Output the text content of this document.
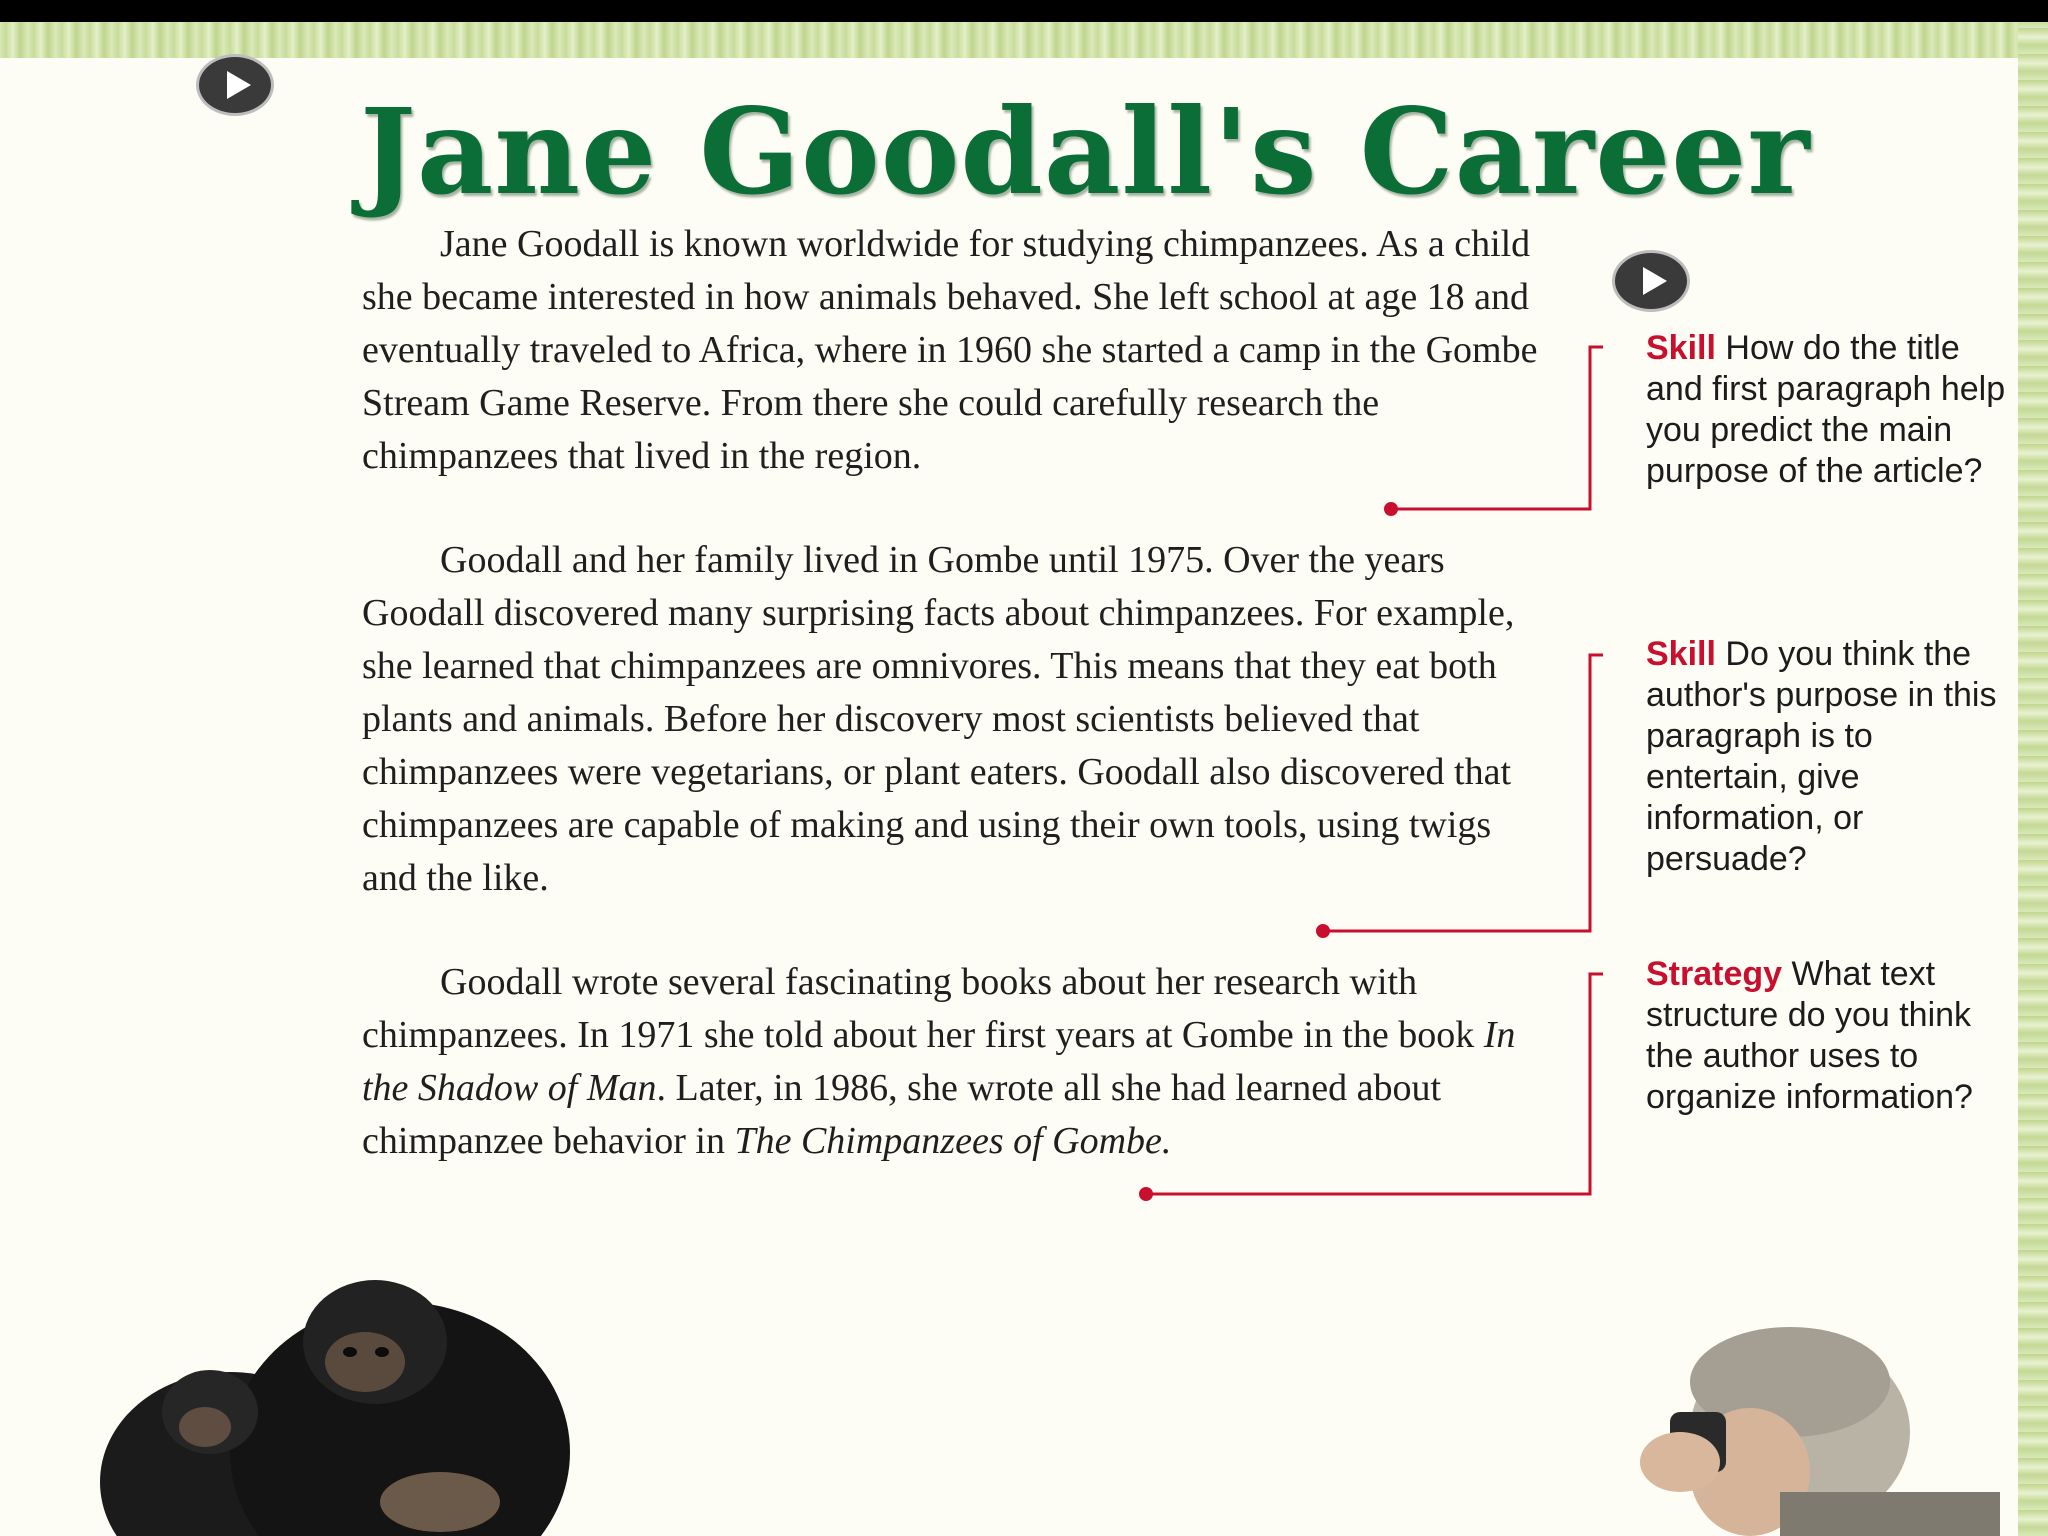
Jane Goodall's Career

Jane Goodall is known worldwide for studying chimpanzees. As a child she became interested in how animals behaved. She left school at age 18 and eventually traveled to Africa, where in 1960 she started a camp in the Gombe Stream Game Reserve. From there she could carefully research the chimpanzees that lived in the region.

Goodall and her family lived in Gombe until 1975. Over the years Goodall discovered many surprising facts about chimpanzees. For example, she learned that chimpanzees are omnivores. This means that they eat both plants and animals. Before her discovery most scientists believed that chimpanzees were vegetarians, or plant eaters. Goodall also discovered that chimpanzees are capable of making and using their own tools, using twigs and the like.

Goodall wrote several fascinating books about her research with chimpanzees. In 1971 she told about her first years at Gombe in the book In the Shadow of Man. Later, in 1986, she wrote all she had learned about chimpanzee behavior in The Chimpanzees of Gombe.

Skill How do the title and first paragraph help you predict the main purpose of the article?

Skill Do you think the author's purpose in this paragraph is to entertain, give information, or persuade?

Strategy What text structure do you think the author uses to organize information?
